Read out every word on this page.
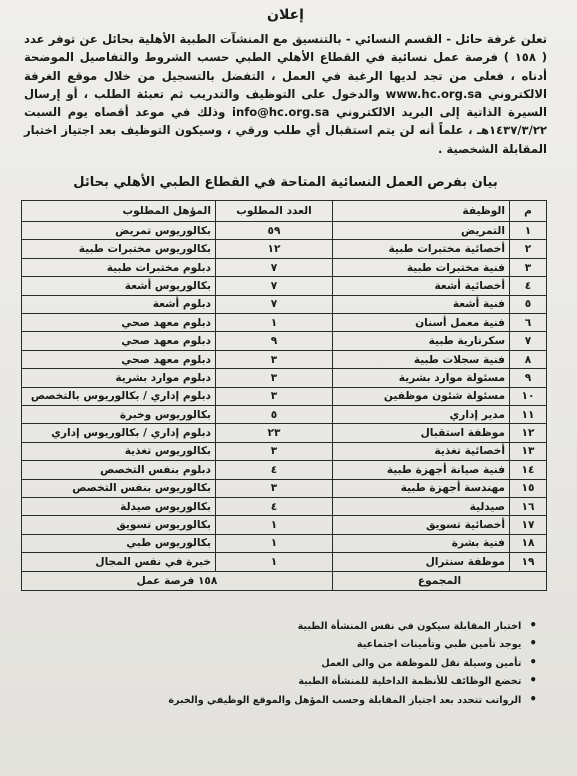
إعلان
تعلن غرفة حائل - القسم النسائي - بالتنسيق مع المنشآت الطبية الأهلية بحائل عن توفر عدد ( ١٥٨ ) فرصة عمل نسائية في القطاع الأهلي الطبي حسب الشروط والتفاصيل الموضحة أدناه ، فعلى من تجد لديها الرغبة في العمل ، التفضل بالتسجيل من خلال موقع الغرفة الالكتروني www.hc.org.sa والدخول على التوظيف والتدريب ثم تعبئة الطلب ، أو إرسال السيرة الذاتية إلى البريد الالكتروني info@hc.org.sa وذلك في موعد أقصاه يوم السبت ١٤٣٧/٣/٢٢هـ ، علماً أنه لن يتم استقبال أي طلب ورقي ، وسيكون التوظيف بعد اجتياز اختبار المقابلة الشخصية .
بيان بفرص العمل النسائية المتاحة في القطاع الطبي الأهلي بحائل
م	الوظيفة	العدد المطلوب	المؤهل المطلوب
١	التمريض	٥٩	بكالوريوس تمريض
٢	أخصائية مختبرات طبية	١٢	بكالوريوس مختبرات طبية
٣	فنية مختبرات طبية	٧	دبلوم مختبرات طبية
٤	أخصائية أشعة	٧	بكالوريوس أشعة
٥	فنية أشعة	٧	دبلوم أشعة
٦	فنية معمل أسنان	١	دبلوم معهد صحي
٧	سكرتارية طبية	٩	دبلوم معهد صحي
٨	فنية سجلات طبية	٣	دبلوم معهد صحي
٩	مسئولة موارد بشرية	٣	دبلوم موارد بشرية
١٠	مسئولة شئون موظفين	٣	دبلوم إداري / بكالوريوس بالتخصص
١١	مدير إداري	٥	بكالوريوس وخبرة
١٢	موظفة استقبال	٢٣	دبلوم إداري / بكالوريوس إداري
١٣	أخصائية تغذية	٣	بكالوريوس تغذية
١٤	فنية صيانة أجهزة طبية	٤	دبلوم بنفس التخصص
١٥	مهندسة أجهزة طبية	٣	بكالوريوس بنفس التخصص
١٦	صيدلية	٤	بكالوريوس صيدلة
١٧	أخصائية تسويق	١	بكالوريوس تسويق
١٨	فنية بشرة	١	بكالوريوس طبي
١٩	موظفة سنترال	١	خبرة في نفس المجال
المجموع		١٥٨ فرصة عمل	
• اختبار المقابلة سيكون في نفس المنشأة الطبية
• يوجد تأمين طبي وتأمينات اجتماعية
• تأمين وسيلة نقل للموظفة من والى العمل
• تخضع الوظائف للأنظمة الداخلية للمنشأة الطبية
• الرواتب تتحدد بعد اجتياز المقابلة وحسب المؤهل والموقع الوظيفي والخبرة
